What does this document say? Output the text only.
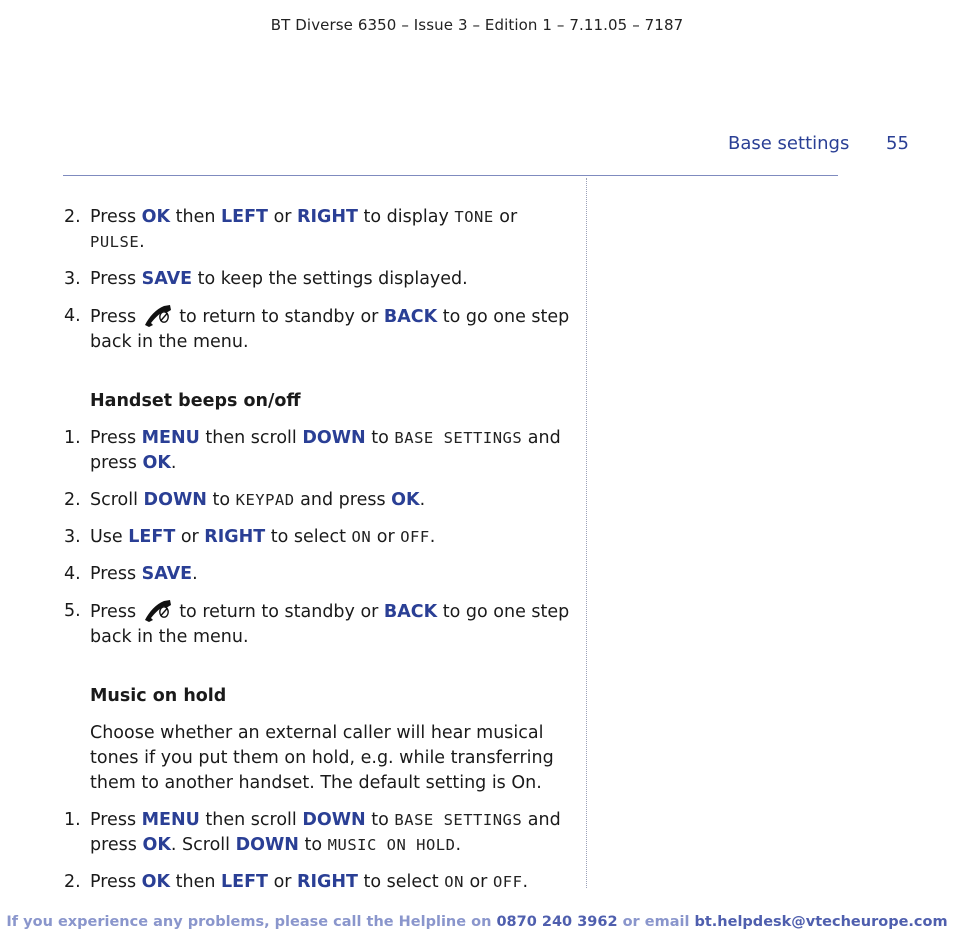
BT Diverse 6350 – Issue 3 – Edition 1 – 7.11.05 – 7187
Base settings 55
2. Press OK then LEFT or RIGHT to display TONE or PULSE.
3. Press SAVE to keep the settings displayed.
4. Press  to return to standby or BACK to go one step back in the menu.
Handset beeps on/off
1. Press MENU then scroll DOWN to BASE SETTINGS and press OK.
2. Scroll DOWN to KEYPAD and press OK.
3. Use LEFT or RIGHT to select ON or OFF.
4. Press SAVE.
5. Press  to return to standby or BACK to go one step back in the menu.
Music on hold
Choose whether an external caller will hear musical tones if you put them on hold, e.g. while transferring them to another handset. The default setting is On.
1. Press MENU then scroll DOWN to BASE SETTINGS and press OK. Scroll DOWN to MUSIC ON HOLD.
2. Press OK then LEFT or RIGHT to select ON or OFF.
If you experience any problems, please call the Helpline on 0870 240 3962 or email bt.helpdesk@vtecheurope.com
